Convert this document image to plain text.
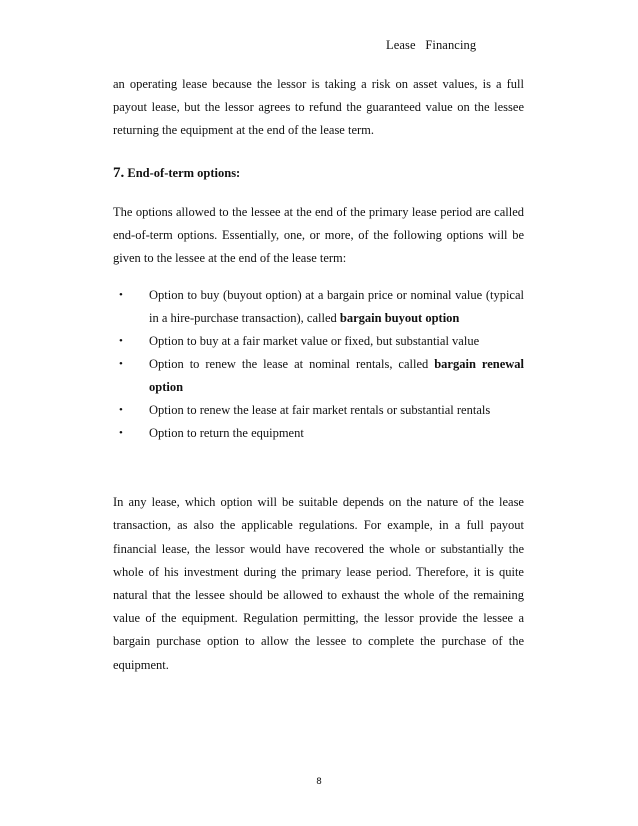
Lease   Financing

an operating lease because the lessor is taking a risk on asset values, is a full payout lease, but the lessor agrees to refund the guaranteed value on the lessee returning the equipment at the end of the lease term.

7. End-of-term options:

The options allowed to the lessee at the end of the primary lease period are called end-of-term options. Essentially, one, or more, of the following options will be given to the lessee at the end of the lease term:

• Option to buy (buyout option) at a bargain price or nominal value (typical in a hire-purchase transaction), called bargain buyout option
• Option to buy at a fair market value or fixed, but substantial value
• Option to renew the lease at nominal rentals, called bargain renewal option
• Option to renew the lease at fair market rentals or substantial rentals
• Option to return the equipment

In any lease, which option will be suitable depends on the nature of the lease transaction, as also the applicable regulations. For example, in a full payout financial lease, the lessor would have recovered the whole or substantially the whole of his investment during the primary lease period. Therefore, it is quite natural that the lessee should be allowed to exhaust the whole of the remaining value of the equipment. Regulation permitting, the lessor provide the lessee a bargain purchase option to allow the lessee to complete the purchase of the equipment.

8
